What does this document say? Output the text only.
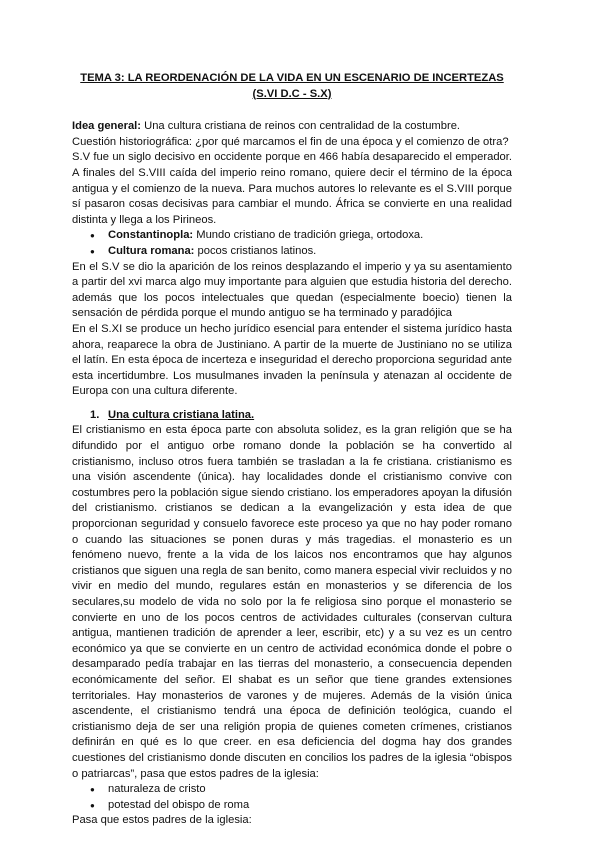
TEMA 3: LA REORDENACIÓN DE LA VIDA EN UN ESCENARIO DE INCERTEZAS (S.VI D.C - S.X)

Idea general: Una cultura cristiana de reinos con centralidad de la costumbre.

Cuestión historiográfica: ¿por qué marcamos el fin de una época y el comienzo de otra?

S.V fue un siglo decisivo en occidente porque en 466 había desaparecido el emperador. A finales del S.VIII caída del imperio reino romano, quiere decir el término de la época antigua y el comienzo de la nueva. Para muchos autores lo relevante es el S.VIII porque sí pasaron cosas decisivas para cambiar el mundo. África se convierte en una realidad distinta y llega a los Pirineos.

● Constantinopla: Mundo cristiano de tradición griega, ortodoxa.
● Cultura romana: pocos cristianos latinos.

En el S.V se dio la aparición de los reinos desplazando el imperio y ya su asentamiento a partir del xvi marca algo muy importante para alguien que estudia historia del derecho. además que los pocos intelectuales que quedan (especialmente boecio) tienen la sensación de pérdida porque el mundo antiguo se ha terminado y paradójica

En el S.XI se produce un hecho jurídico esencial para entender el sistema jurídico hasta ahora, reaparece la obra de Justiniano. A partir de la muerte de Justiniano no se utiliza el latín. En esta época de incerteza e inseguridad el derecho proporciona seguridad ante esta incertidumbre. Los musulmanes invaden la península y atenazan al occidente de Europa con una cultura diferente.

1. Una cultura cristiana latina.

El cristianismo en esta época parte con absoluta solidez, es la gran religión que se ha difundido por el antiguo orbe romano donde la población se ha convertido al cristianismo, incluso otros fuera también se trasladan a la fe cristiana. cristianismo es una visión ascendente (única). hay localidades donde el cristianismo convive con costumbres pero la población sigue siendo cristiano. los emperadores apoyan la difusión del cristianismo. cristianos se dedican a la evangelización y esta idea de que proporcionan seguridad y consuelo favorece este proceso ya que no hay poder romano o cuando las situaciones se ponen duras y más tragedias. el monasterio es un fenómeno nuevo, frente a la vida de los laicos nos encontramos que hay algunos cristianos que siguen una regla de san benito, como manera especial vivir recluidos y no vivir en medio del mundo, regulares están en monasterios y se diferencia de los seculares,su modelo de vida no solo por la fe religiosa sino porque el monasterio se convierte en uno de los pocos centros de actividades culturales (conservan cultura antigua, mantienen tradición de aprender a leer, escribir, etc) y a su vez es un centro económico ya que se convierte en un centro de actividad económica donde el pobre o desamparado pedía trabajar en las tierras del monasterio, a consecuencia dependen económicamente del señor. El shabat es un señor que tiene grandes extensiones territoriales. Hay monasterios de varones y de mujeres. Además de la visión única ascendente, el cristianismo tendrá una época de definición teológica, cuando el cristianismo deja de ser una religión propia de quienes cometen crímenes, cristianos definirán en qué es lo que creer. en esa deficiencia del dogma hay dos grandes cuestiones del cristianismo donde discuten en concilios los padres de la iglesia “obispos o patriarcas”, pasa que estos padres de la iglesia:

● naturaleza de cristo
● potestad del obispo de roma

Pasa que estos padres de la iglesia:
